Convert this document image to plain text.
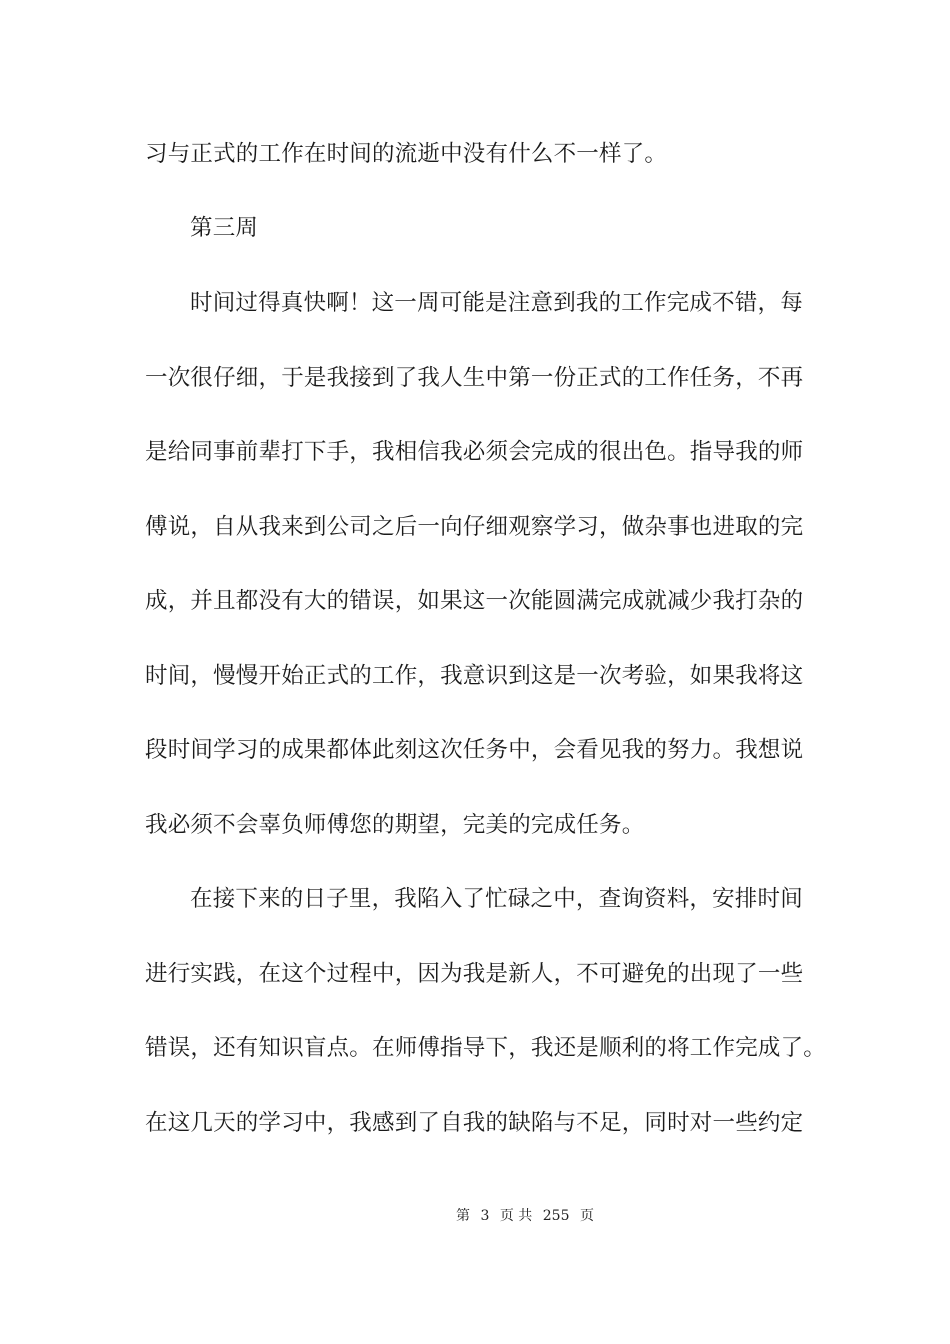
习与正式的工作在时间的流逝中没有什么不一样了。
第三周
时间过得真快啊！这一周可能是注意到我的工作完成不错，每
一次很仔细，于是我接到了我人生中第一份正式的工作任务，不再
是给同事前辈打下手，我相信我必须会完成的很出色。指导我的师
傅说，自从我来到公司之后一向仔细观察学习，做杂事也进取的完
成，并且都没有大的错误，如果这一次能圆满完成就减少我打杂的
时间，慢慢开始正式的工作，我意识到这是一次考验，如果我将这
段时间学习的成果都体此刻这次任务中，会看见我的努力。我想说
我必须不会辜负师傅您的期望，完美的完成任务。
在接下来的日子里，我陷入了忙碌之中，查询资料，安排时间
进行实践，在这个过程中，因为我是新人，不可避免的出现了一些
错误，还有知识盲点。在师傅指导下，我还是顺利的将工作完成了。
在这几天的学习中，我感到了自我的缺陷与不足，同时对一些约定
第 3 页 共 255 页
